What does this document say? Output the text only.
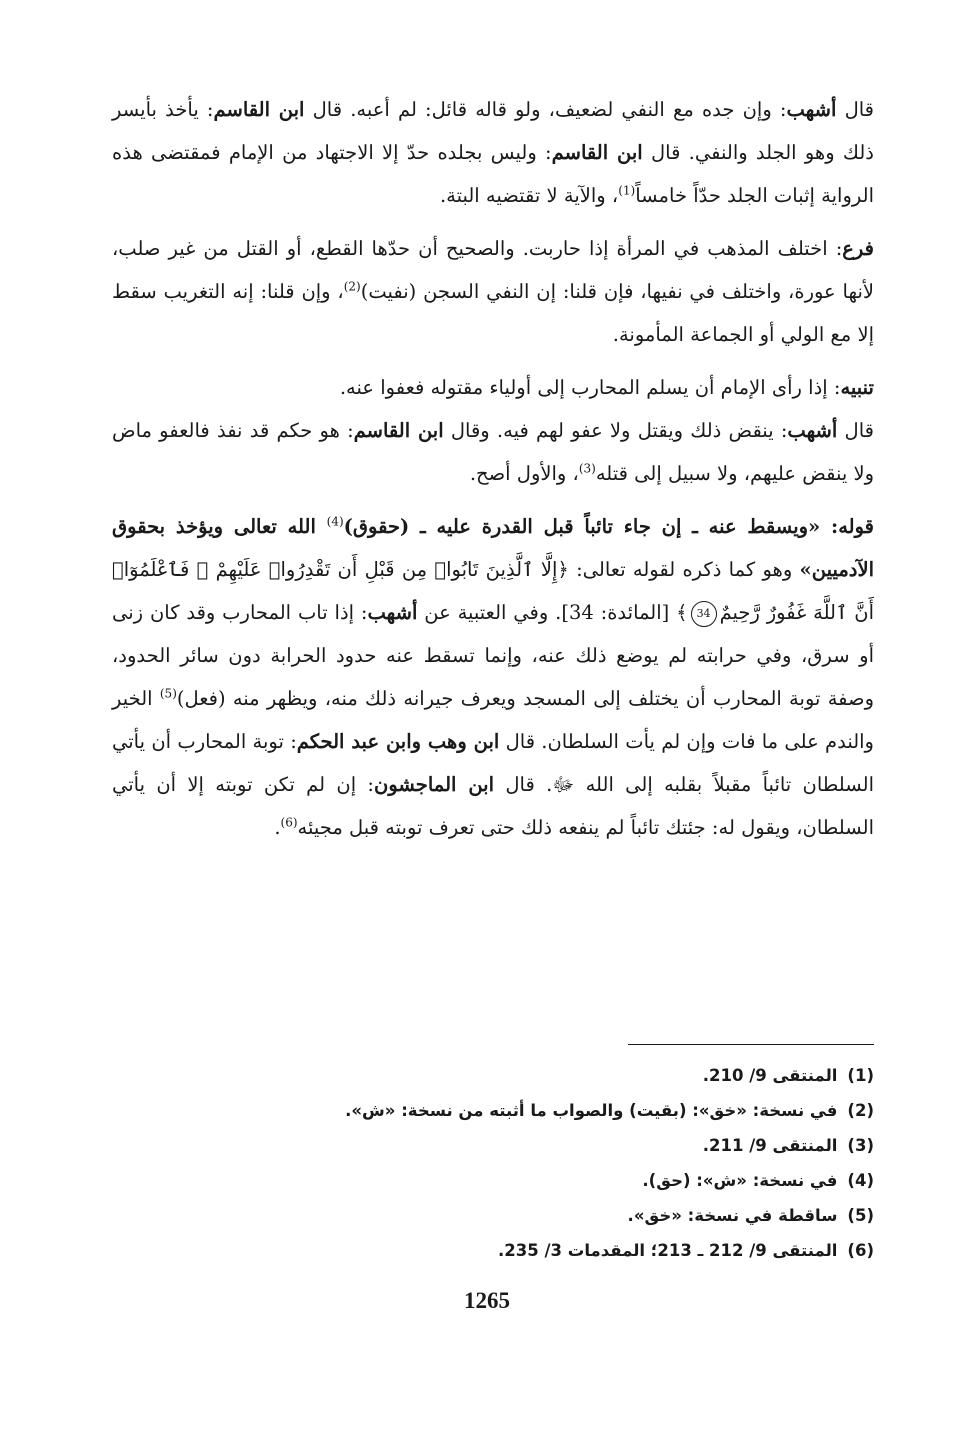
قال أشهب: وإن جده مع النفي لضعيف، ولو قاله قائل: لم أعبه. قال ابن القاسم: يأخذ بأيسر ذلك وهو الجلد والنفي. قال ابن القاسم: وليس بجلده حدّ إلا الاجتهاد من الإمام فمقتضى هذه الرواية إثبات الجلد حدّاً خامساً$^{(1)}$، والآية لا تقتضيه البتة.

فرع: اختلف المذهب في المرأة إذا حاربت. والصحيح أن حدّها القطع، أو القتل من غير صلب، لأنها عورة، واختلف في نفيها، فإن قلنا: إن النفي السجن (نفيت)$^{(2)}$، وإن قلنا: إنه التغريب سقط إلا مع الولي أو الجماعة المأمونة.

تنبيه: إذا رأى الإمام أن يسلم المحارب إلى أولياء مقتوله فعفوا عنه.

قال أشهب: ينقض ذلك ويقتل ولا عفو لهم فيه. وقال ابن القاسم: هو حكم قد نفذ فالعفو ماض ولا ينقض عليهم، ولا سبيل إلى قتله$^{(3)}$، والأول أصح.

قوله: «ويسقط عنه ـ إن جاء تائباً قبل القدرة عليه ـ (حقوق)$^{(4)}$ الله تعالى ويؤخذ بحقوق الآدميين» وهو كما ذكره لقوله تعالى: ﴿إِلَّا ٱلَّذِينَ تَابُوا۟ مِن قَبْلِ أَن تَقْدِرُوا۟ عَلَيْهِمْ ۖ فَٱعْلَمُوٓا۟ أَنَّ ٱللَّهَ غَفُورٌ رَّحِيمٌ34﴾ [المائدة: 34]. وفي العتبية عن أشهب: إذا تاب المحارب وقد كان زنى أو سرق، وفي حرابته لم يوضع ذلك عنه، وإنما تسقط عنه حدود الحرابة دون سائر الحدود، وصفة توبة المحارب أن يختلف إلى المسجد ويعرف جيرانه ذلك منه، ويظهر منه (فعل)$^{(5)}$ الخير والندم على ما فات وإن لم يأت السلطان. قال ابن وهب وابن عبد الحكم: توبة المحارب أن يأتي السلطان تائباً مقبلاً بقلبه إلى الله ﷻ. قال ابن الماجشون: إن لم تكن توبته إلا أن يأتي السلطان، ويقول له: جئتك تائباً لم ينفعه ذلك حتى تعرف توبته قبل مجيئه$^{(6)}$.

(1)
المنتقى 9/ 210.
(2)
في نسخة: «خق»: (بقيت) والصواب ما أثبته من نسخة: «ش».
(3)
المنتقى 9/ 211.
(4)
في نسخة: «ش»: (حق).
(5)
ساقطة في نسخة: «خق».
(6)
المنتقى 9/ 212 ـ 213؛ المقدمات 3/ 235.
1265
